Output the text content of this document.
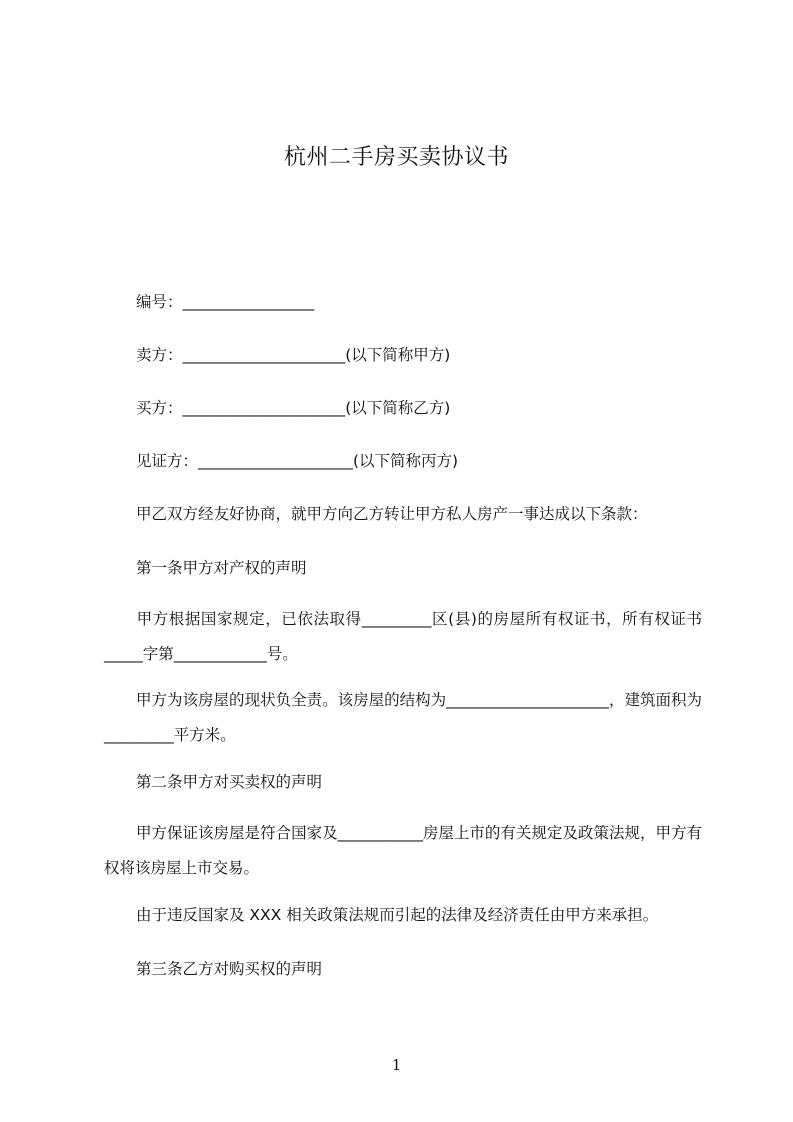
杭州二手房买卖协议书
编号：_________________
卖方：_____________________(以下简称甲方)
买方：_____________________(以下简称乙方)
见证方：____________________(以下简称丙方)
甲乙双方经友好协商，就甲方向乙方转让甲方私人房产一事达成以下条款：
第一条甲方对产权的声明
甲方根据国家规定，已依法取得_________区(县)的房屋所有权证书，所有权证书_____字第____________号。
甲方为该房屋的现状负全责。该房屋的结构为_____________________，建筑面积为_________平方米。
第二条甲方对买卖权的声明
甲方保证该房屋是符合国家及___________房屋上市的有关规定及政策法规，甲方有权将该房屋上市交易。
由于违反国家及 XXX 相关政策法规而引起的法律及经济责任由甲方来承担。
第三条乙方对购买权的声明
1
